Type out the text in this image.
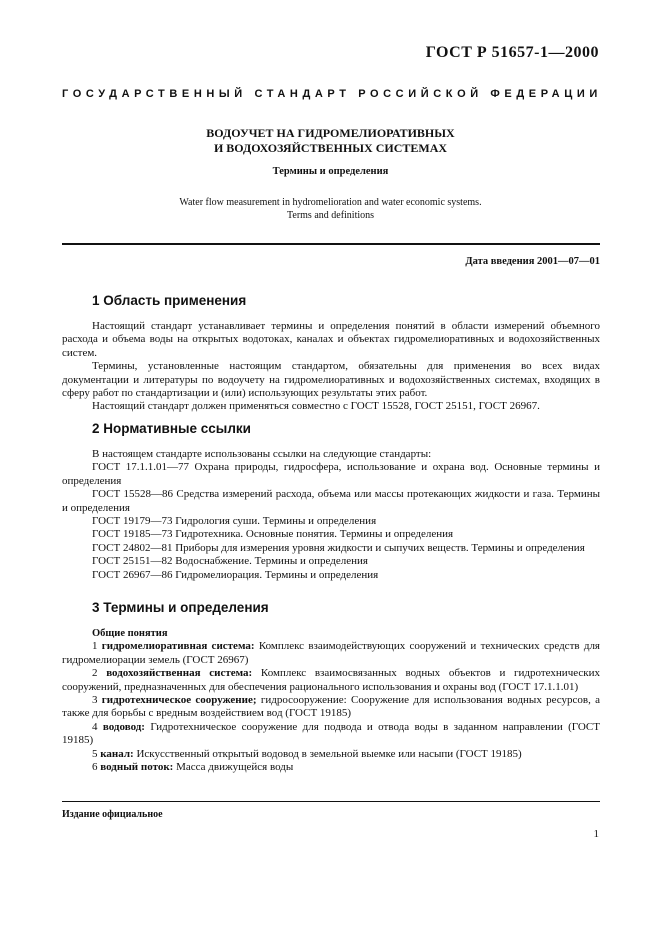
ГОСТ Р 51657-1—2000
ГОСУДАРСТВЕННЫЙ СТАНДАРТ РОССИЙСКОЙ ФЕДЕРАЦИИ
ВОДОУЧЕТ НА ГИДРОМЕЛИОРАТИВНЫХ
И ВОДОХОЗЯЙСТВЕННЫХ СИСТЕМАХ
Термины и определения
Water flow measurement in hydromelioration and water economic systems.
Terms and definitions
Дата введения 2001—07—01
1 Область применения

Настоящий стандарт устанавливает термины и определения понятий в области измерений объемного расхода и объема воды на открытых водотоках, каналах и объектах гидромелиоративных и водохозяйственных систем.

Термины, установленные настоящим стандартом, обязательны для применения во всех видах документации и литературы по водоучету на гидромелиоративных и водохозяйственных системах, входящих в сферу работ по стандартизации и (или) использующих результаты этих работ.

Настоящий стандарт должен применяться совместно с ГОСТ 15528, ГОСТ 25151, ГОСТ 26967.

2 Нормативные ссылки

В настоящем стандарте использованы ссылки на следующие стандарты:

ГОСТ 17.1.1.01—77 Охрана природы, гидросфера, использование и охрана вод. Основные термины и определения

ГОСТ 15528—86 Средства измерений расхода, объема или массы протекающих жидкости и газа. Термины и определения

ГОСТ 19179—73 Гидрология суши. Термины и определения

ГОСТ 19185—73 Гидротехника. Основные понятия. Термины и определения

ГОСТ 24802—81 Приборы для измерения уровня жидкости и сыпучих веществ. Термины и определения

ГОСТ 25151—82 Водоснабжение. Термины и определения

ГОСТ 26967—86 Гидромелиорация. Термины и определения

3 Термины и определения

Общие понятия

1 гидромелиоративная система: Комплекс взаимодействующих сооружений и технических средств для гидромелиорации земель (ГОСТ 26967)

2 водохозяйственная система: Комплекс взаимосвязанных водных объектов и гидротехнических сооружений, предназначенных для обеспечения рационального использования и охраны вод (ГОСТ 17.1.1.01)

3 гидротехническое сооружение; гидросооружение: Сооружение для использования водных ресурсов, а также для борьбы с вредным воздействием вод (ГОСТ 19185)

4 водовод: Гидротехническое сооружение для подвода и отвода воды в заданном направлении (ГОСТ 19185)

5 канал: Искусственный открытый водовод в земельной выемке или насыпи (ГОСТ 19185)

6 водный поток: Масса движущейся воды

Издание официальное
1
